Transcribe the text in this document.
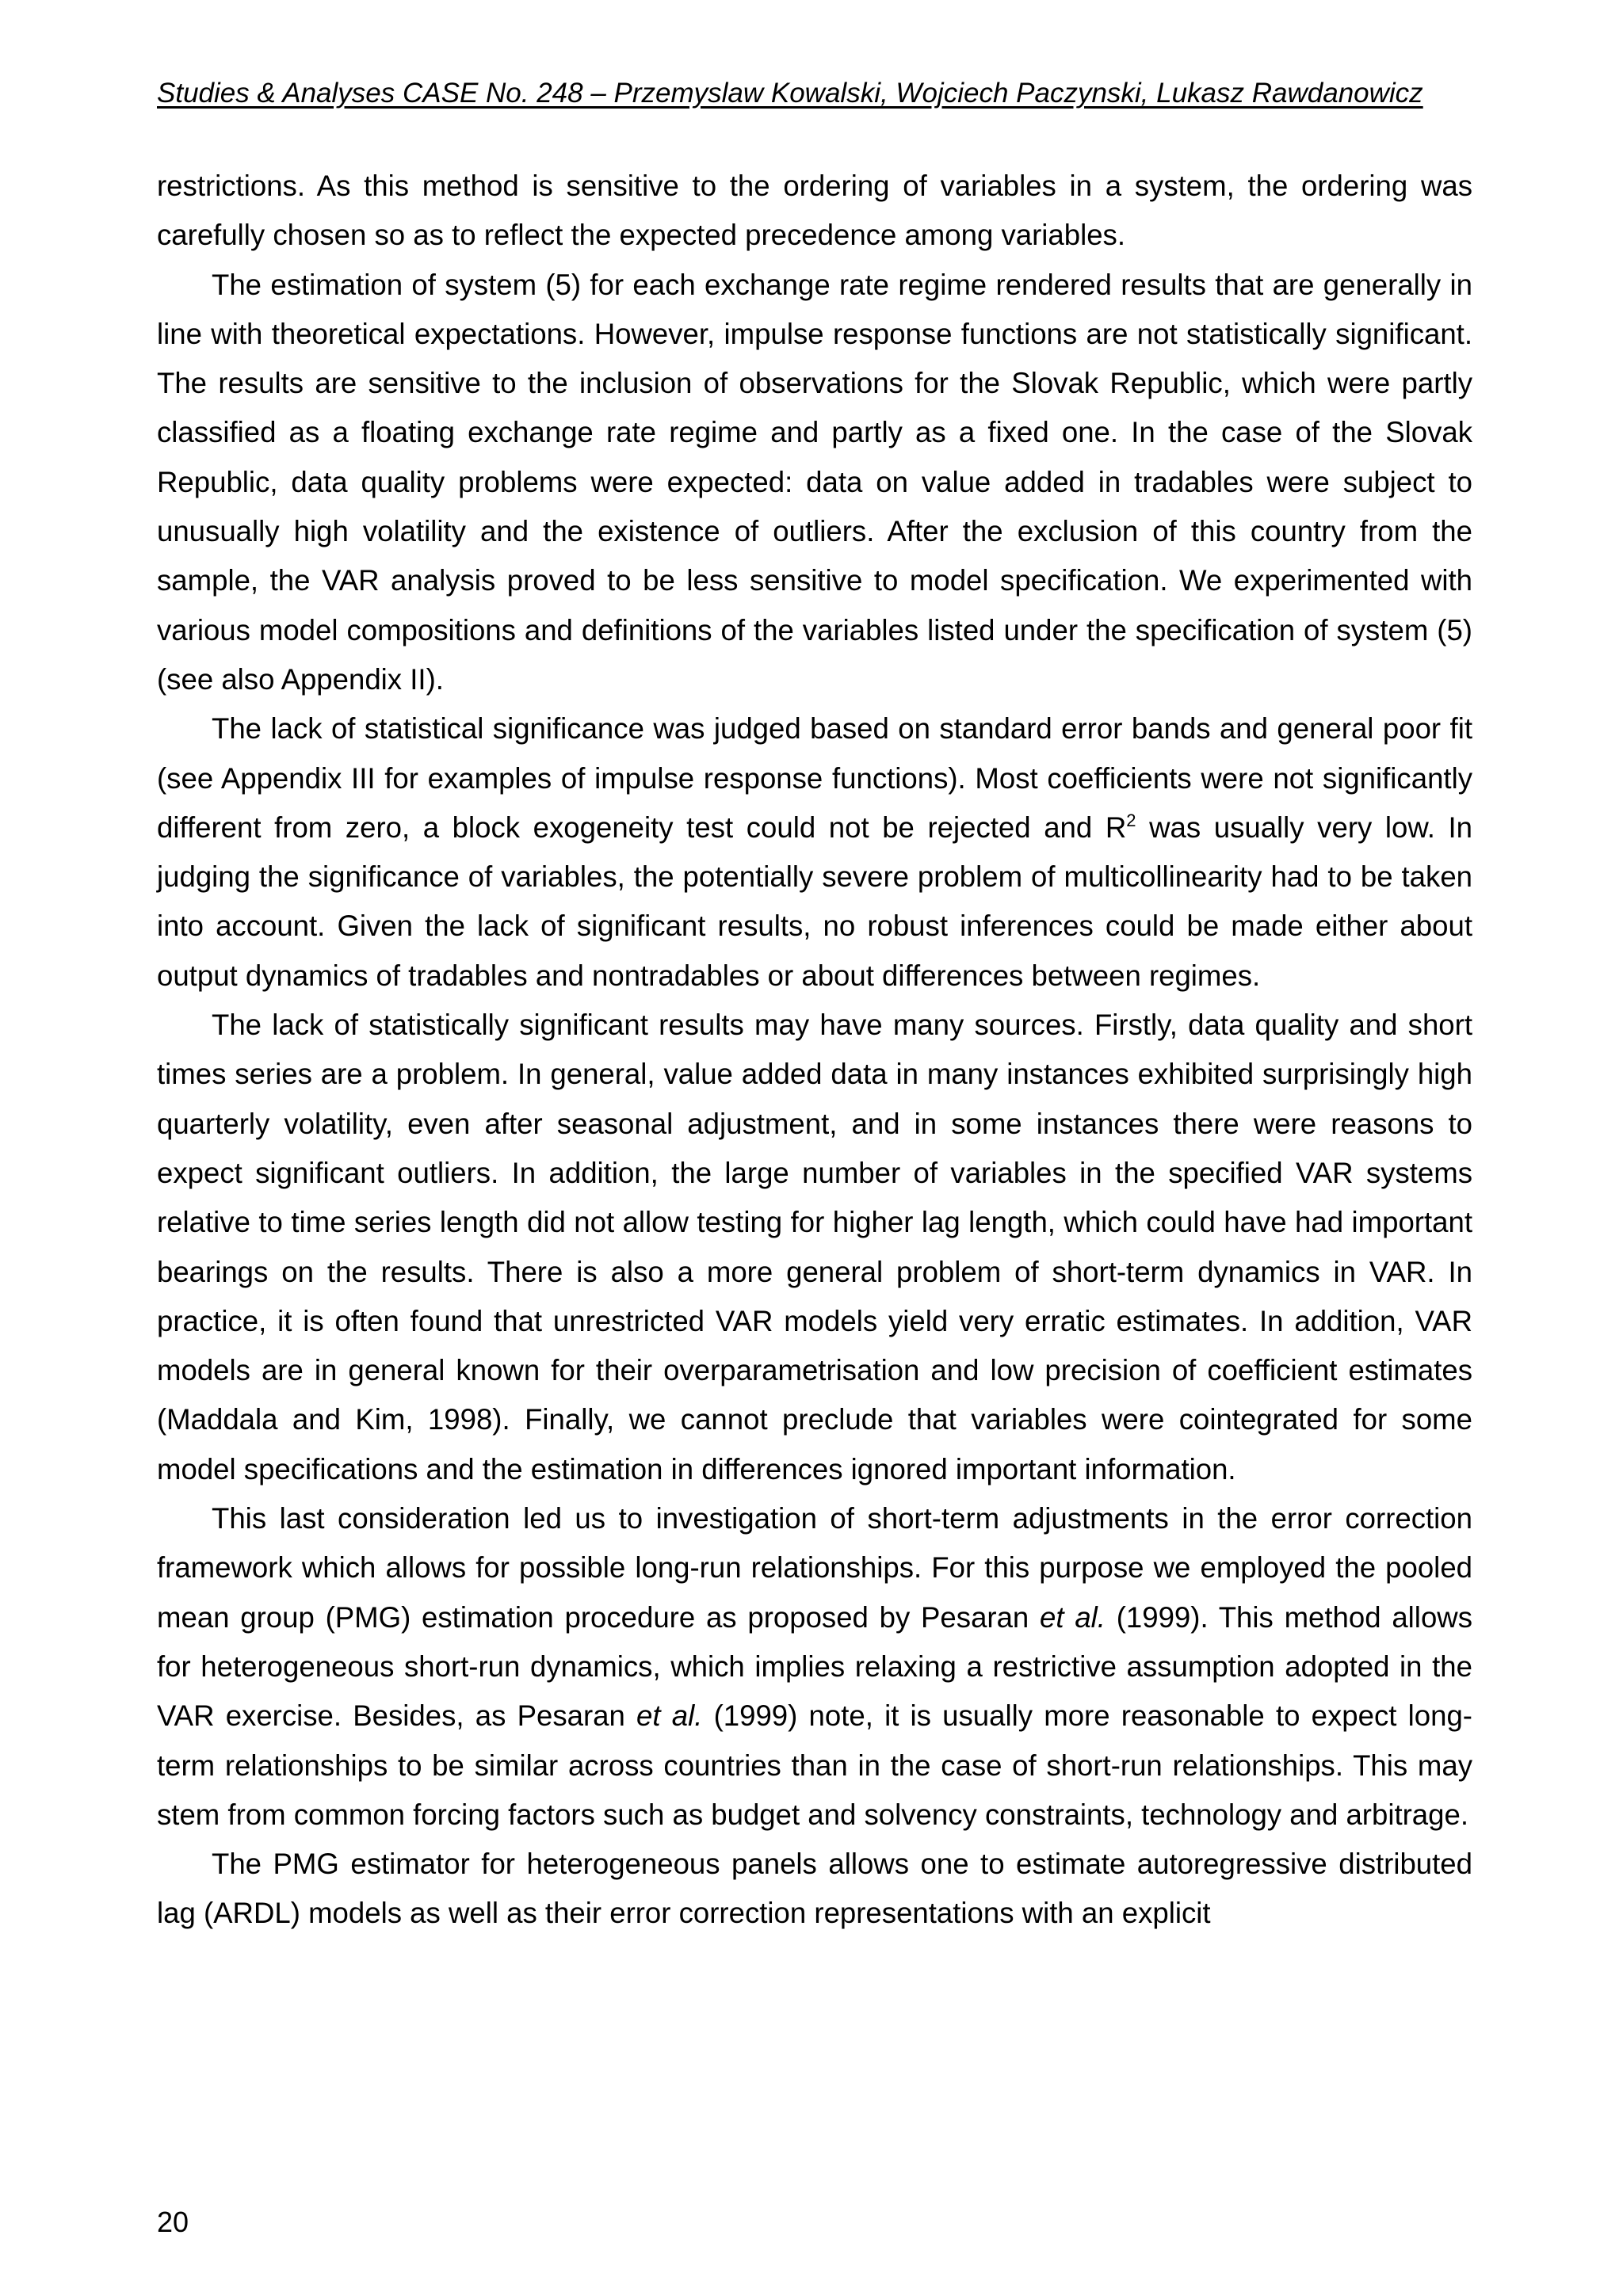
Studies & Analyses CASE No. 248 – Przemyslaw Kowalski, Wojciech Paczynski, Lukasz Rawdanowicz

restrictions. As this method is sensitive to the ordering of variables in a system, the ordering was carefully chosen so as to reflect the expected precedence among variables.

The estimation of system (5) for each exchange rate regime rendered results that are generally in line with theoretical expectations. However, impulse response functions are not statistically significant. The results are sensitive to the inclusion of observations for the Slovak Republic, which were partly classified as a floating exchange rate regime and partly as a fixed one. In the case of the Slovak Republic, data quality problems were expected: data on value added in tradables were subject to unusually high volatility and the existence of outliers. After the exclusion of this country from the sample, the VAR analysis proved to be less sensitive to model specification. We experimented with various model compositions and definitions of the variables listed under the specification of system (5) (see also Appendix II).

The lack of statistical significance was judged based on standard error bands and general poor fit (see Appendix III for examples of impulse response functions). Most coefficients were not significantly different from zero, a block exogeneity test could not be rejected and $R^2$ was usually very low. In judging the significance of variables, the potentially severe problem of multicollinearity had to be taken into account. Given the lack of significant results, no robust inferences could be made either about output dynamics of tradables and nontradables or about differences between regimes.

The lack of statistically significant results may have many sources. Firstly, data quality and short times series are a problem. In general, value added data in many instances exhibited surprisingly high quarterly volatility, even after seasonal adjustment, and in some instances there were reasons to expect significant outliers. In addition, the large number of variables in the specified VAR systems relative to time series length did not allow testing for higher lag length, which could have had important bearings on the results. There is also a more general problem of short-term dynamics in VAR. In practice, it is often found that unrestricted VAR models yield very erratic estimates. In addition, VAR models are in general known for their overparametrisation and low precision of coefficient estimates (Maddala and Kim, 1998). Finally, we cannot preclude that variables were cointegrated for some model specifications and the estimation in differences ignored important information.

This last consideration led us to investigation of short-term adjustments in the error correction framework which allows for possible long-run relationships. For this purpose we employed the pooled mean group (PMG) estimation procedure as proposed by Pesaran et al. (1999). This method allows for heterogeneous short-run dynamics, which implies relaxing a restrictive assumption adopted in the VAR exercise. Besides, as Pesaran et al. (1999) note, it is usually more reasonable to expect long-term relationships to be similar across countries than in the case of short-run relationships. This may stem from common forcing factors such as budget and solvency constraints, technology and arbitrage.

The PMG estimator for heterogeneous panels allows one to estimate autoregressive distributed lag (ARDL) models as well as their error correction representations with an explicit

20
